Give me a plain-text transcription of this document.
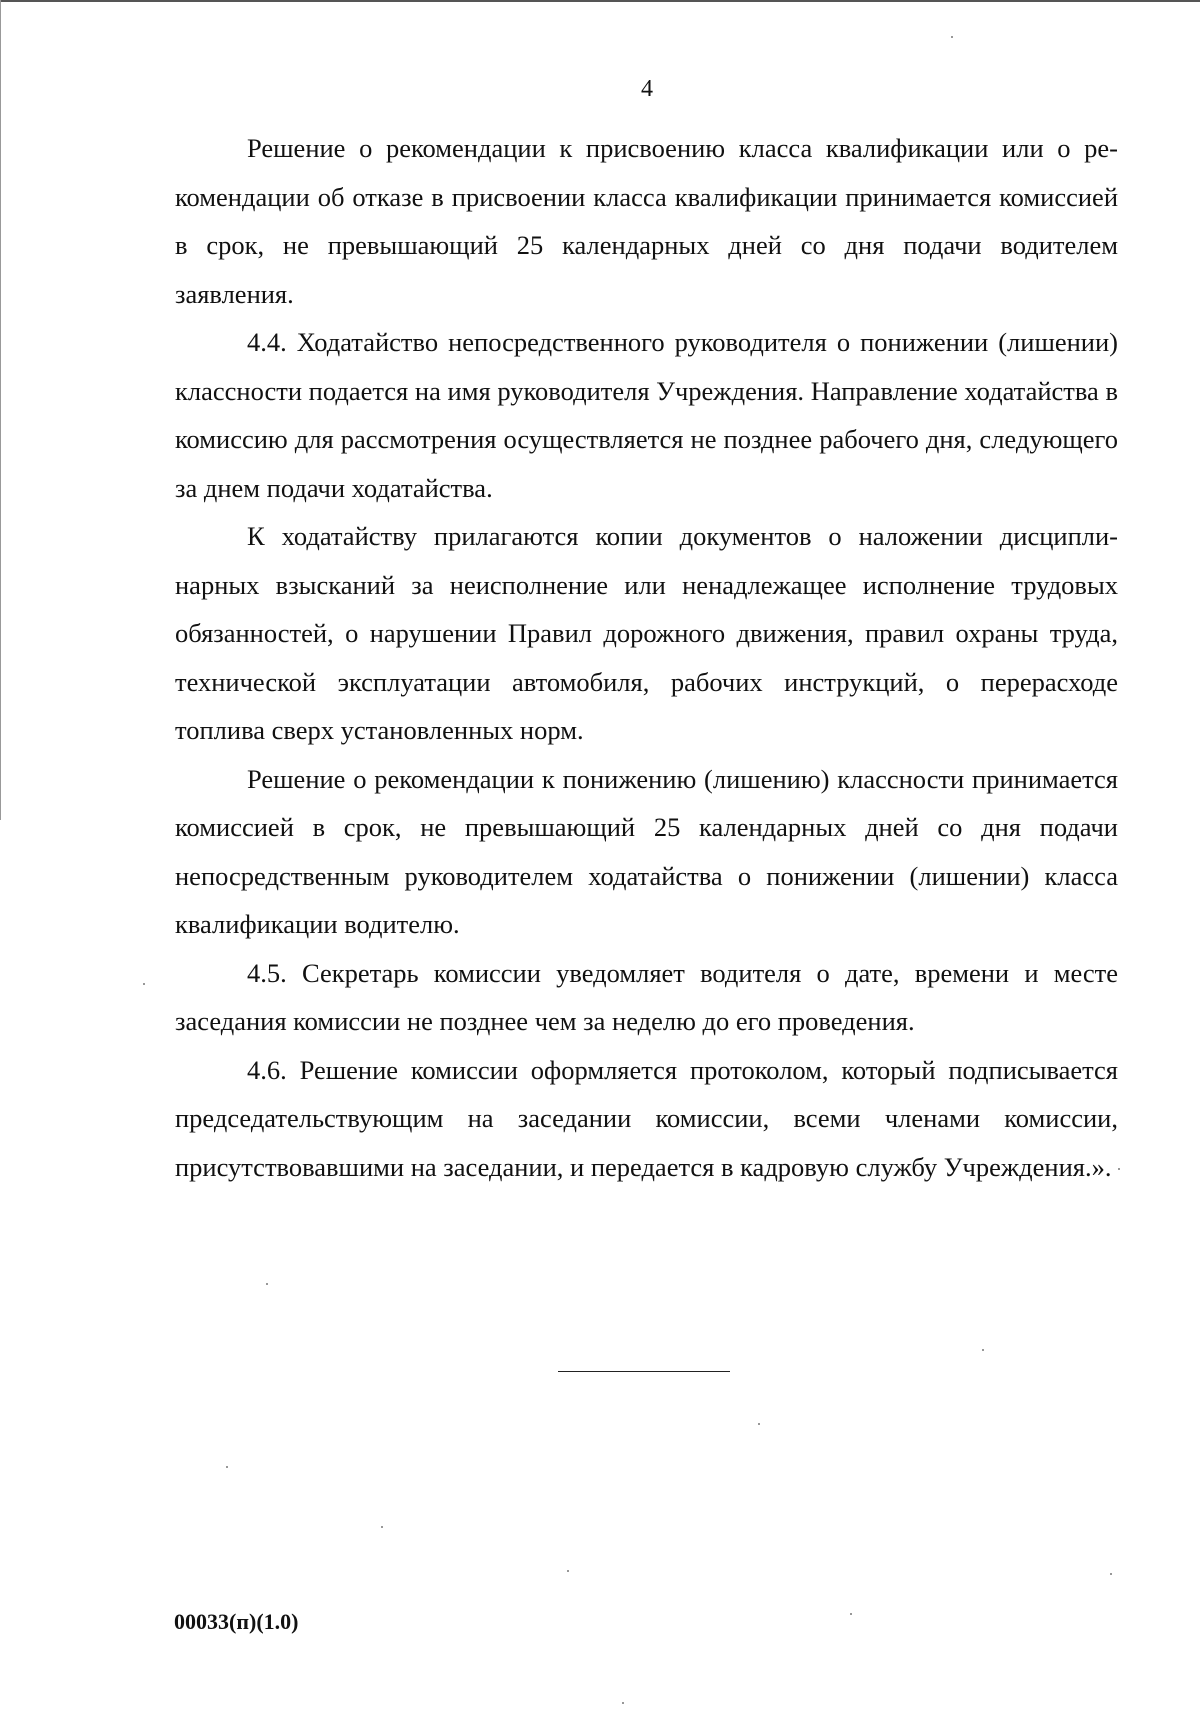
4

Решение о рекомендации к присвоению класса квалификации или о рекомендации об отказе в присвоении класса квалификации принимается комиссией в срок, не превышающий 25 календарных дней со дня подачи водителем заявления.

4.4. Ходатайство непосредственного руководителя о понижении (лишении) классности подается на имя руководителя Учреждения. Направление ходатайства в комиссию для рассмотрения осуществляется не позднее рабочего дня, следующего за днем подачи ходатайства.

К ходатайству прилагаются копии документов о наложении дисциплинарных взысканий за неисполнение или ненадлежащее исполнение трудовых обязанностей, о нарушении Правил дорожного движения, правил охраны труда, технической эксплуатации автомобиля, рабочих инструкций, о перерасходе топлива сверх установленных норм.

Решение о рекомендации к понижению (лишению) классности принимается комиссией в срок, не превышающий 25 календарных дней со дня подачи непосредственным руководителем ходатайства о понижении (лишении) класса квалификации водителю.

4.5. Секретарь комиссии уведомляет водителя о дате, времени и месте заседания комиссии не позднее чем за неделю до его проведения.

4.6. Решение комиссии оформляется протоколом, который подписывается председательствующим на заседании комиссии, всеми членами комиссии, присутствовавшими на заседании, и передается в кадровую службу Учреждения.».

00033(п)(1.0)
